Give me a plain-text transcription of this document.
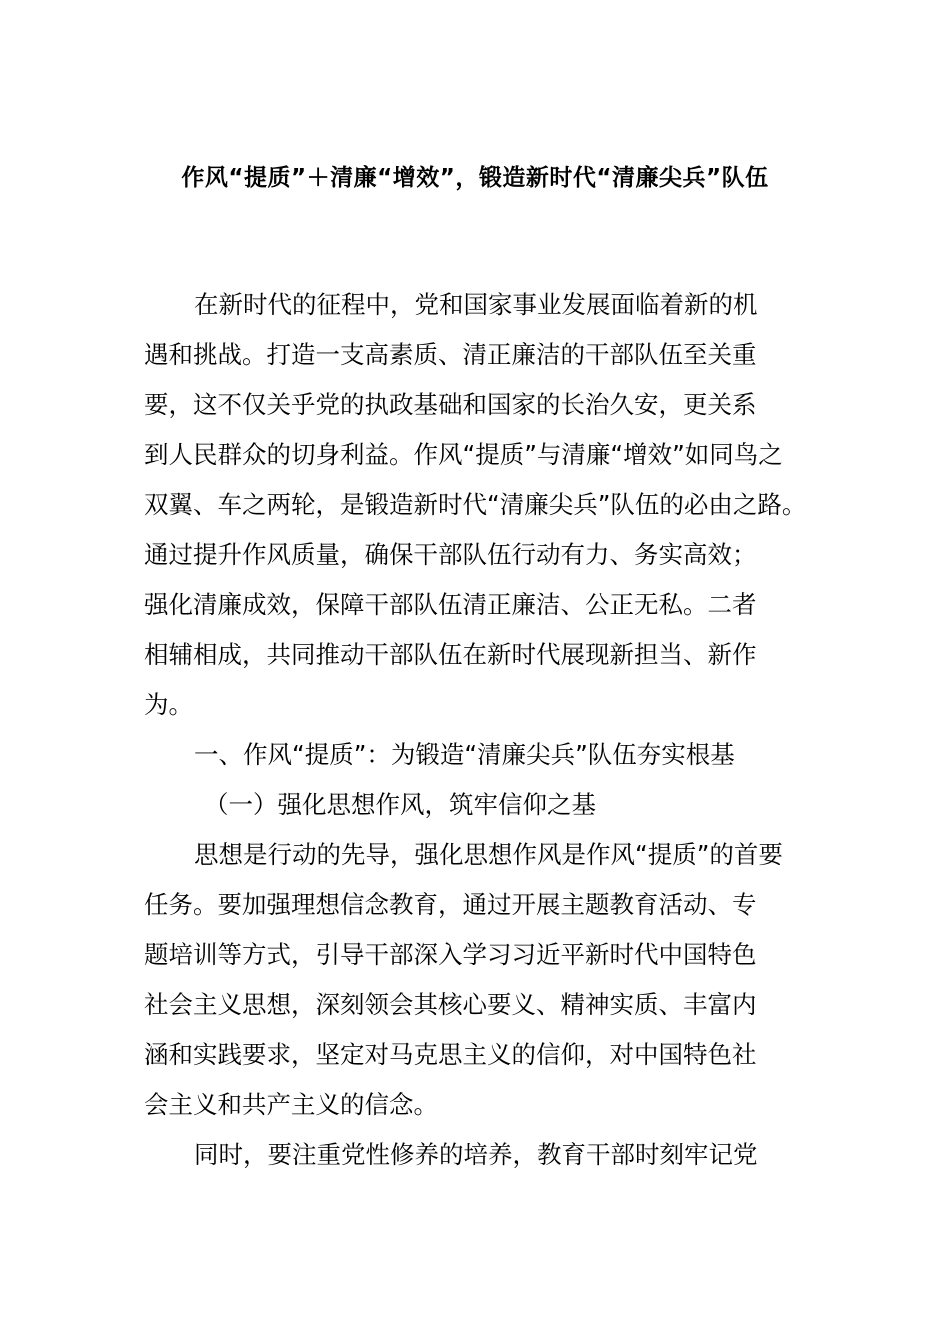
作风“提质”＋清廉“增效”，锻造新时代“清廉尖兵”队伍

在新时代的征程中，党和国家事业发展面临着新的机
遇和挑战。打造一支高素质、清正廉洁的干部队伍至关重
要，这不仅关乎党的执政基础和国家的长治久安，更关系
到人民群众的切身利益。作风“提质”与清廉“增效”如同鸟之
双翼、车之两轮，是锻造新时代“清廉尖兵”队伍的必由之路。
通过提升作风质量，确保干部队伍行动有力、务实高效；
强化清廉成效，保障干部队伍清正廉洁、公正无私。二者
相辅相成，共同推动干部队伍在新时代展现新担当、新作
为。

一、作风“提质”：为锻造“清廉尖兵”队伍夯实根基

（一）强化思想作风，筑牢信仰之基

思想是行动的先导，强化思想作风是作风“提质”的首要
任务。要加强理想信念教育，通过开展主题教育活动、专
题培训等方式，引导干部深入学习习近平新时代中国特色
社会主义思想，深刻领会其核心要义、精神实质、丰富内
涵和实践要求，坚定对马克思主义的信仰，对中国特色社
会主义和共产主义的信念。

同时，要注重党性修养的培养，教育干部时刻牢记党
